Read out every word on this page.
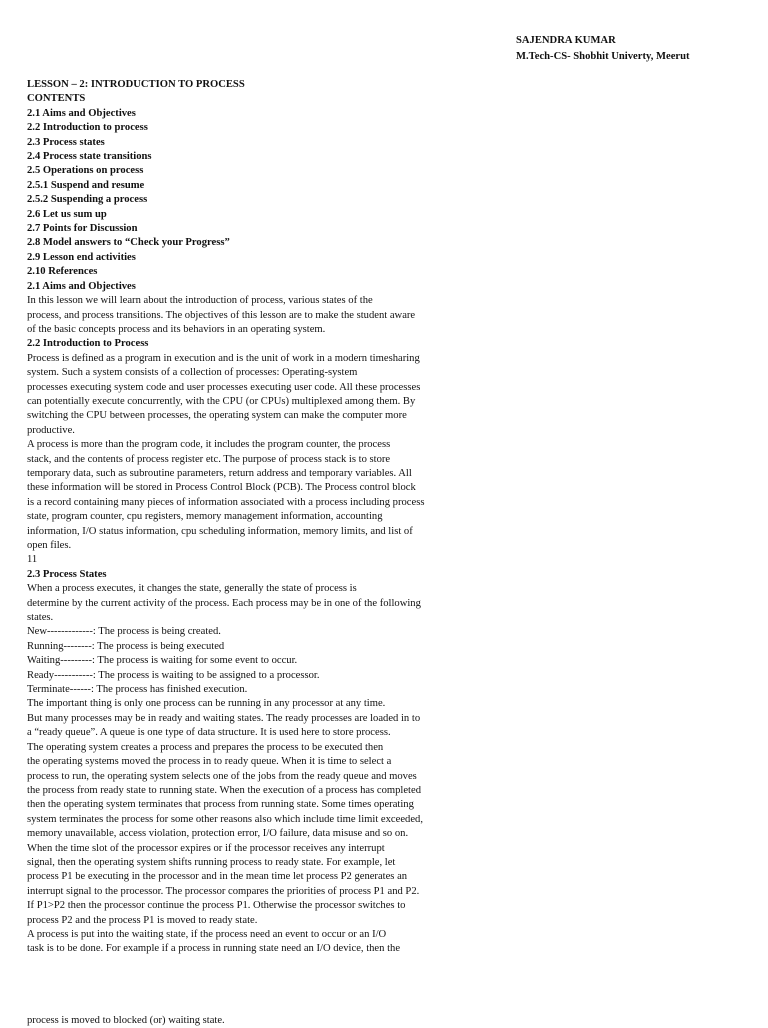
SAJENDRA KUMAR
M.Tech-CS- Shobhit Univerty, Meerut
LESSON – 2: INTRODUCTION TO PROCESS
CONTENTS
2.1 Aims and Objectives
2.2 Introduction to process
2.3 Process states
2.4 Process state transitions
2.5 Operations on process
2.5.1 Suspend and resume
2.5.2 Suspending a process
2.6 Let us sum up
2.7 Points for Discussion
2.8 Model answers to “Check your Progress”
2.9 Lesson end activities
2.10 References
2.1 Aims and Objectives
In this lesson we will learn about the introduction of process, various states of the
process, and process transitions. The objectives of this lesson are to make the student aware
of the basic concepts process and its behaviors in an operating system.
2.2 Introduction to Process
Process is defined as a program in execution and is the unit of work in a modern timesharing
system. Such a system consists of a collection of processes: Operating-system
processes executing system code and user processes executing user code. All these processes
can potentially execute concurrently, with the CPU (or CPUs) multiplexed among them. By
switching the CPU between processes, the operating system can make the computer more
productive.
A process is more than the program code, it includes the program counter, the process
stack, and the contents of process register etc. The purpose of process stack is to store
temporary data, such as subroutine parameters, return address and temporary variables. All
these information will be stored in Process Control Block (PCB). The Process control block
is a record containing many pieces of information associated with a process including process
state, program counter, cpu registers, memory management information, accounting
information, I/O status information, cpu scheduling information, memory limits, and list of
open files.
11
2.3 Process States
When a process executes, it changes the state, generally the state of process is
determine by the current activity of the process. Each process may be in one of the following
states.
New-------------: The process is being created.
Running--------: The process is being executed
Waiting---------: The process is waiting for some event to occur.
Ready-----------: The process is waiting to be assigned to a processor.
Terminate------: The process has finished execution.
The important thing is only one process can be running in any processor at any time.
But many processes may be in ready and waiting states. The ready processes are loaded in to
a “ready queue”. A queue is one type of data structure. It is used here to store process.
The operating system creates a process and prepares the process to be executed then
the operating systems moved the process in to ready queue. When it is time to select a
process to run, the operating system selects one of the jobs from the ready queue and moves
the process from ready state to running state. When the execution of a process has completed
then the operating system terminates that process from running state. Some times operating
system terminates the process for some other reasons also which include time limit exceeded,
memory unavailable, access violation, protection error, I/O failure, data misuse and so on.
When the time slot of the processor expires or if the processor receives any interrupt
signal, then the operating system shifts running process to ready state. For example, let
process P1 be executing in the processor and in the mean time let process P2 generates an
interrupt signal to the processor. The processor compares the priorities of process P1 and P2.
If P1>P2 then the processor continue the process P1. Otherwise the processor switches to
process P2 and the process P1 is moved to ready state.
A process is put into the waiting state, if the process need an event to occur or an I/O
task is to be done. For example if a process in running state need an I/O device, then the
process is moved to blocked (or) waiting state.
